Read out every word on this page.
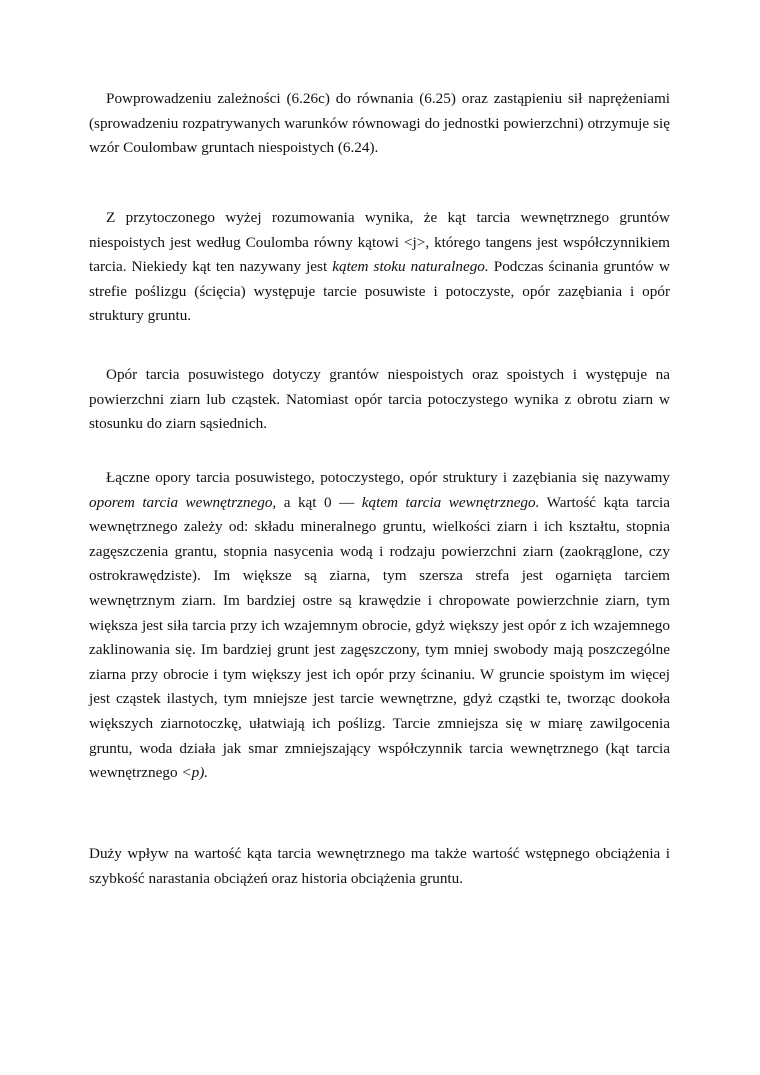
Powprowadzeniu zależności (6.26c) do równania (6.25) oraz zastąpieniu sił naprężeniami (sprowadzeniu rozpatrywanych warunków równowagi do jednostki powierzchni) otrzymuje się wzór Coulombaw gruntach niespoistych (6.24).

Z przytoczonego wyżej rozumowania wynika, że kąt tarcia wewnętrznego gruntów niespoistych jest według Coulomba równy kątowi <j>, którego tangens jest współczynnikiem tarcia. Niekiedy kąt ten nazywany jest kątem stoku naturalnego. Podczas ścinania gruntów w strefie poślizgu (ścięcia) występuje tarcie posuwiste i potoczyste, opór zazębiania i opór struktury gruntu.

Opór tarcia posuwistego dotyczy grantów niespoistych oraz spoistych i występuje na powierzchni ziarn lub cząstek. Natomiast opór tarcia potoczystego wynika z obrotu ziarn w stosunku do ziarn sąsiednich.

Łączne opory tarcia posuwistego, potoczystego, opór struktury i zazębiania się nazywamy oporem tarcia wewnętrznego, a kąt 0 — kątem tarcia wewnętrznego. Wartość kąta tarcia wewnętrznego zależy od: składu mineralnego gruntu, wielkości ziarn i ich kształtu, stopnia zagęszczenia grantu, stopnia nasycenia wodą i rodzaju powierzchni ziarn (zaokrąglone, czy ostrokrawędziste). Im większe są ziarna, tym szersza strefa jest ogarnięta tarciem wewnętrznym ziarn. Im bardziej ostre są krawędzie i chropowate powierzchnie ziarn, tym większa jest siła tarcia przy ich wzajemnym obrocie, gdyż większy jest opór z ich wzajemnego zaklinowania się. Im bardziej grunt jest zagęszczony, tym mniej swobody mają poszczególne ziarna przy obrocie i tym większy jest ich opór przy ścinaniu. W gruncie spoistym im więcej jest cząstek ilastych, tym mniejsze jest tarcie wewnętrzne, gdyż cząstki te, tworząc dookoła większych ziarnotoczkę, ułatwiają ich poślizg. Tarcie zmniejsza się w miarę zawilgocenia gruntu, woda działa jak smar zmniejszający współczynnik tarcia wewnętrznego (kąt tarcia wewnętrznego <p).

Duży wpływ na wartość kąta tarcia wewnętrznego ma także wartość wstępnego obciążenia i szybkość narastania obciążeń oraz historia obciążenia gruntu.
